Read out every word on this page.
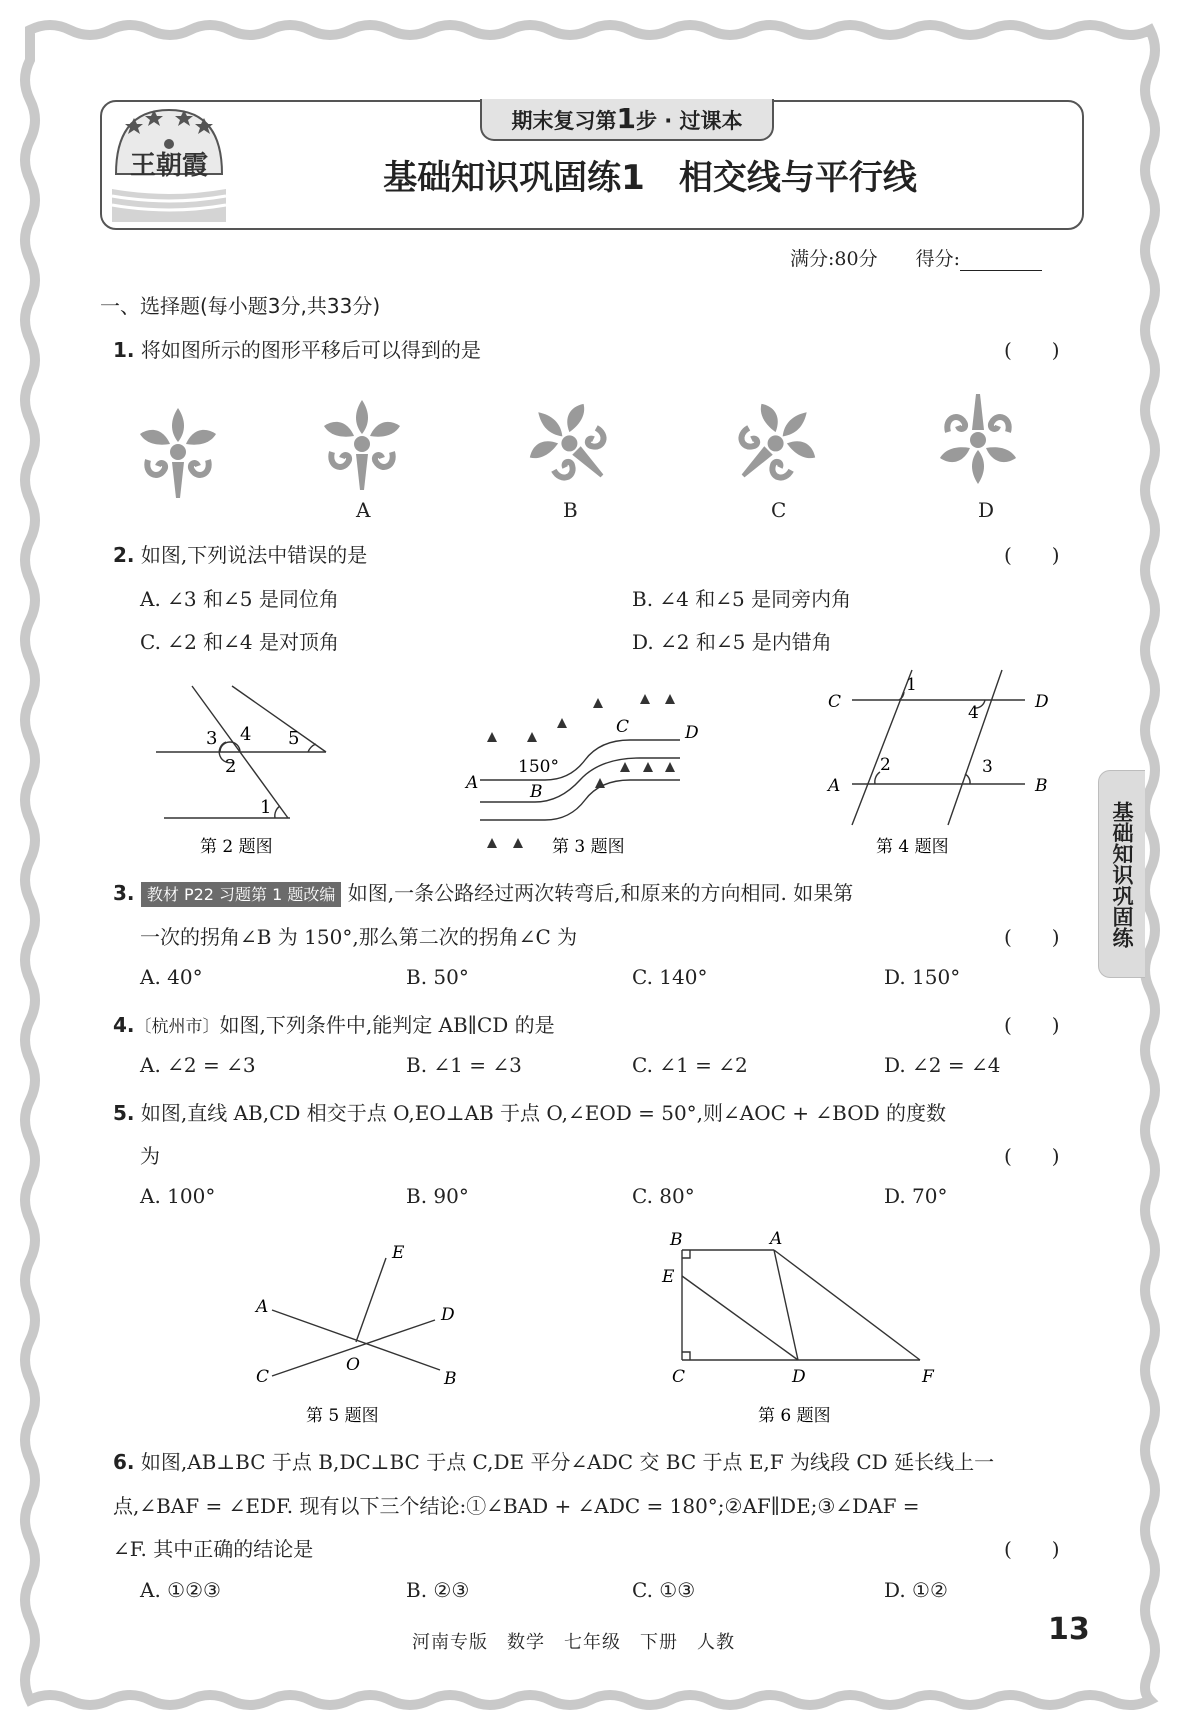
期末复习第1步 · 过课本
王朝霞	基础知识巩固练1　相交线与平行线
满分:80分　　 得分:
一、选择题(每小题3分,共33分)
1. 将如图所示的图形平移后可以得到的是	(　　)
A	B	C	D
2. 如图,下列说法中错误的是	(　　)
A. ∠3 和∠5 是同位角	B. ∠4 和∠5 是同旁内角
C. ∠2 和∠4 是对顶角	D. ∠2 和∠5 是内错角
3 4 5
2
1
第 2 题图
C	D
150°
A	B
第 3 题图
C
1
D
4
A
2	3
B
第 4 题图
3. 教材 P22 习题第 1 题改编 如图,一条公路经过两次转弯后,和原来的方向相同. 如果第
一次的拐角∠B 为 150°,那么第二次的拐角∠C 为	(　　)
A. 40°	B. 50°	C. 140°	D. 150°
4.〔杭州市〕如图,下列条件中,能判定 AB∥CD 的是	(　　)
A. ∠2 = ∠3	B. ∠1 = ∠3	C. ∠1 = ∠2	D. ∠2 = ∠4
5. 如图,直线 AB,CD 相交于点 O,EO⊥AB 于点 O,∠EOD = 50°,则∠AOC + ∠BOD 的度数
为	(　　)
A. 100°	B. 90°	C. 80°	D. 70°
E
A	D
C
O
B
第 5 题图
B	A
E
C	D	F
第 6 题图
6. 如图,AB⊥BC 于点 B,DC⊥BC 于点 C,DE 平分∠ADC 交 BC 于点 E,F 为线段 CD 延长线上一
点,∠BAF = ∠EDF. 现有以下三个结论:①∠BAD + ∠ADC = 180°;②AF∥DE;③∠DAF =
∠F. 其中正确的结论是	(　　)
A. ①②③	B. ②③	C. ①③	D. ①②
基础知识巩固练
河南专版　数学　七年级　下册　人教	13
